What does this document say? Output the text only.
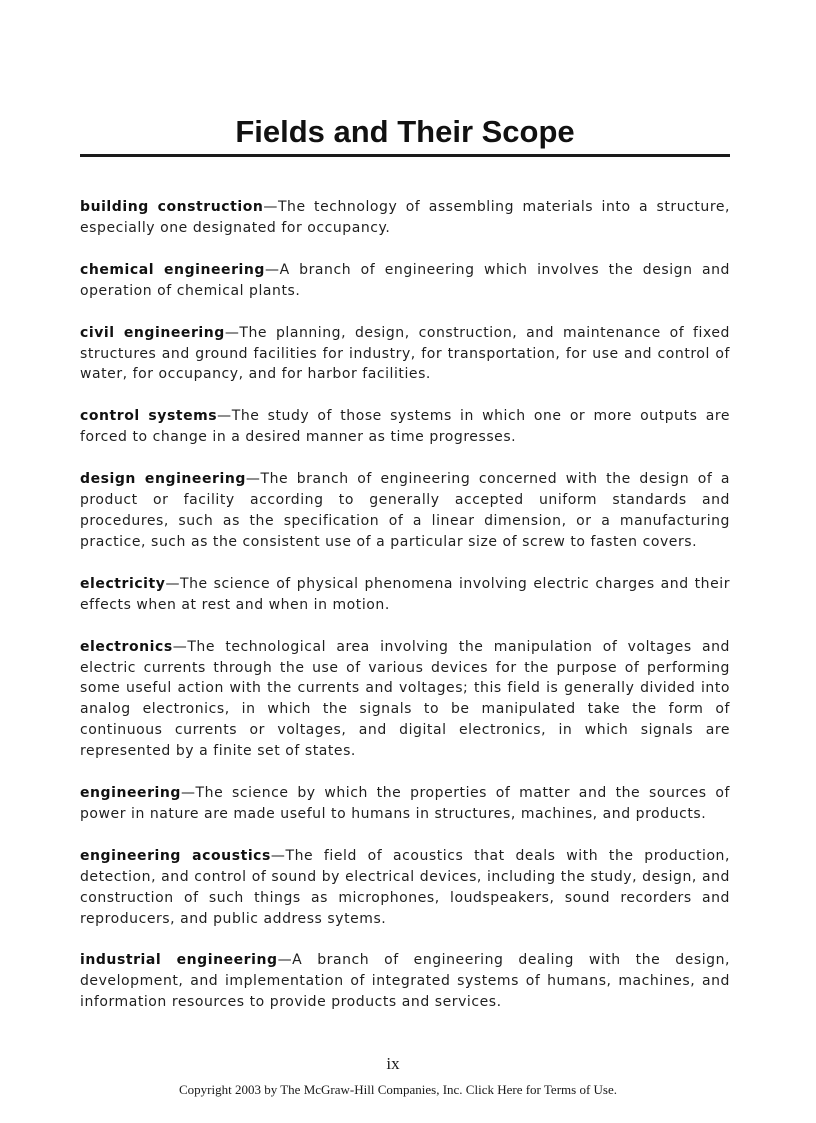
Fields and Their Scope
building construction—The technology of assembling materials into a structure, especially one designated for occupancy.
chemical engineering—A branch of engineering which involves the design and operation of chemical plants.
civil engineering—The planning, design, construction, and maintenance of fixed structures and ground facilities for industry, for transportation, for use and control of water, for occupancy, and for harbor facilities.
control systems—The study of those systems in which one or more outputs are forced to change in a desired manner as time progresses.
design engineering—The branch of engineering concerned with the design of a product or facility according to generally accepted uniform standards and procedures, such as the specification of a linear dimension, or a manufacturing practice, such as the consistent use of a particular size of screw to fasten covers.
electricity—The science of physical phenomena involving electric charges and their effects when at rest and when in motion.
electronics—The technological area involving the manipulation of voltages and electric currents through the use of various devices for the purpose of performing some useful action with the currents and voltages; this field is generally divided into analog electronics, in which the signals to be manipulated take the form of continuous currents or voltages, and digital electronics, in which signals are represented by a finite set of states.
engineering—The science by which the properties of matter and the sources of power in nature are made useful to humans in structures, machines, and products.
engineering acoustics—The field of acoustics that deals with the production, detection, and control of sound by electrical devices, including the study, design, and construction of such things as microphones, loudspeakers, sound recorders and reproducers, and public address sytems.
industrial engineering—A branch of engineering dealing with the design, development, and implementation of integrated systems of humans, machines, and information resources to provide products and services.
ix
Copyright 2003 by The McGraw-Hill Companies, Inc. Click Here for Terms of Use.
